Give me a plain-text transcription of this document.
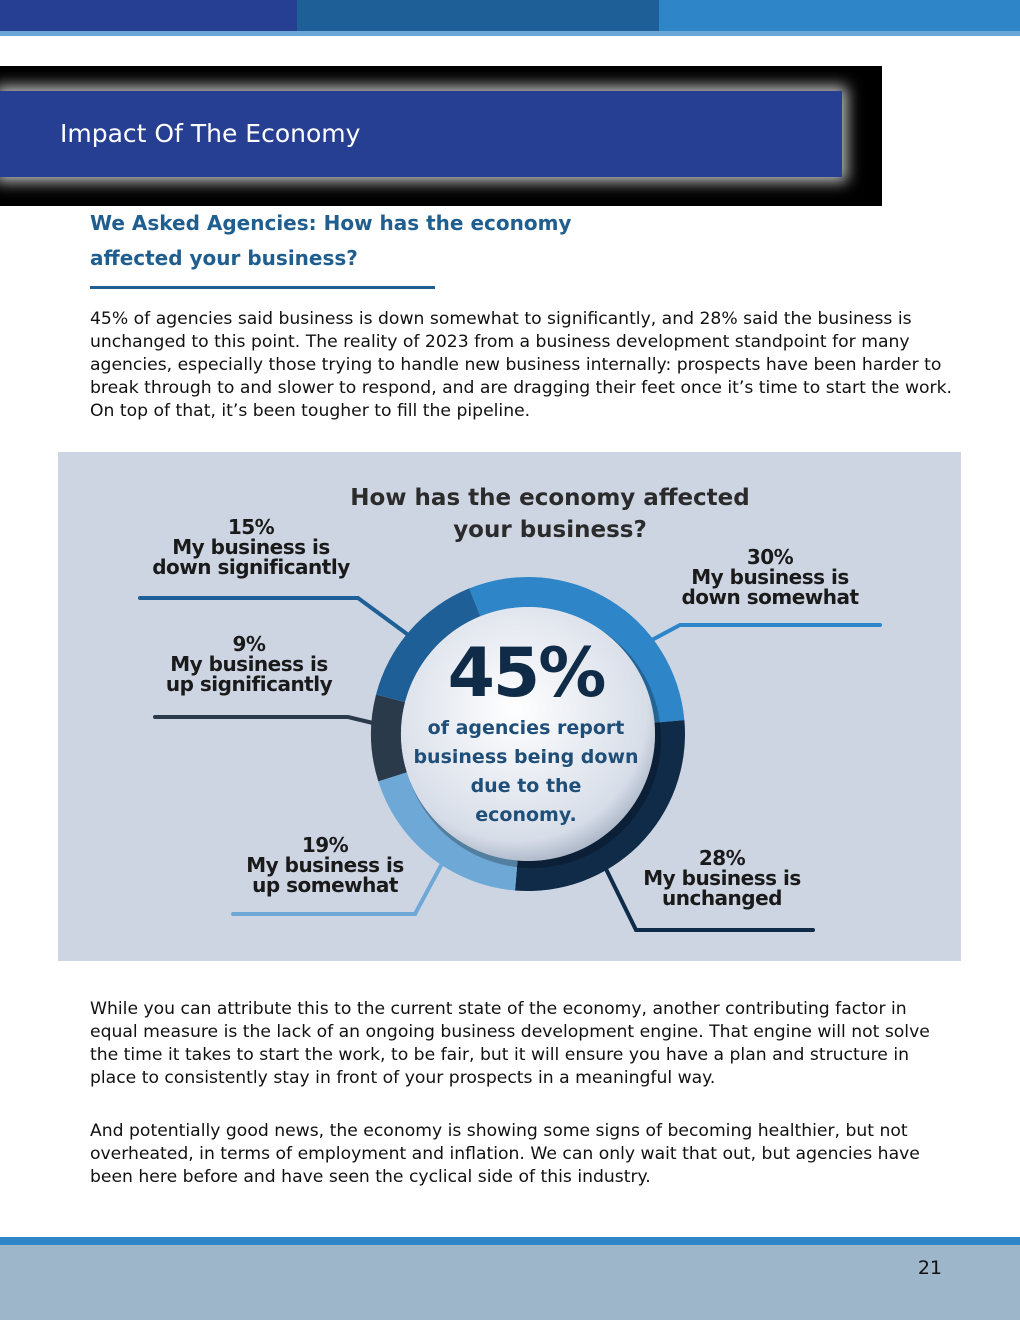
Impact Of The Economy
We Asked Agencies: How has the economy
affected your business?

45% of agencies said business is down somewhat to significantly, and 28% said the business is unchanged to this point. The reality of 2023 from a business development standpoint for many agencies, especially those trying to handle new business internally: prospects have been harder to break through to and slower to respond, and are dragging their feet once it’s time to start the work. On top of that, it’s been tougher to fill the pipeline.

How has the economy affected
your business?
30%
My business is
down somewhat
28%
My business is
unchanged
19%
My business is
up somewhat
9%
My business is
up significantly
15%
My business is
down significantly
45%
of agencies report
business being down
due to the
economy.

While you can attribute this to the current state of the economy, another contributing factor in equal measure is the lack of an ongoing business development engine. That engine will not solve the time it takes to start the work, to be fair, but it will ensure you have a plan and structure in place to consistently stay in front of your prospects in a meaningful way.

And potentially good news, the economy is showing some signs of becoming healthier, but not overheated, in terms of employment and inflation. We can only wait that out, but agencies have been here before and have seen the cyclical side of this industry.

21
